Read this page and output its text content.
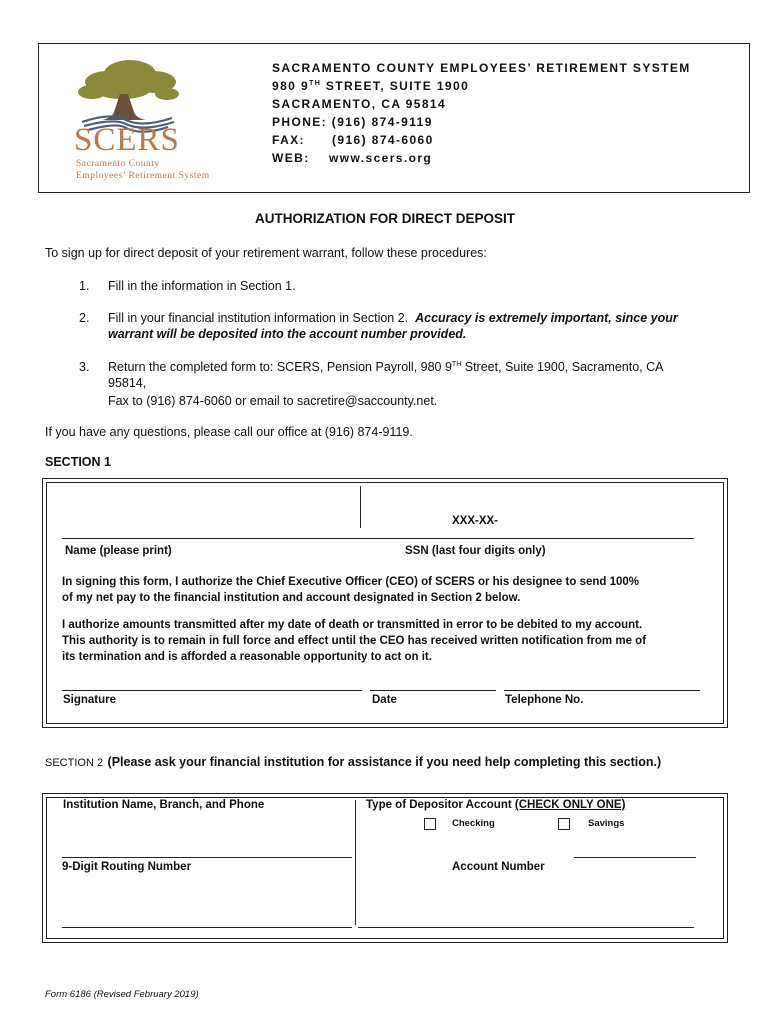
SCERS
Sacramento County
Employees’ Retirement System
SACRAMENTO COUNTY EMPLOYEES’ RETIREMENT SYSTEM
980 9TH STREET, SUITE 1900
SACRAMENTO, CA 95814
PHONE: (916) 874-9119
FAX: (916) 874-6060
WEB: www.scers.org
AUTHORIZATION FOR DIRECT DEPOSIT
To sign up for direct deposit of your retirement warrant, follow these procedures:
1. Fill in the information in Section 1.
2. Fill in your financial institution information in Section 2. Accuracy is extremely important, since your
warrant will be deposited into the account number provided.
3. Return the completed form to: SCERS, Pension Payroll, 980 9TH Street, Suite 1900, Sacramento, CA
95814,
Fax to (916) 874-6060 or email to sacretire@saccounty.net.
If you have any questions, please call our office at (916) 874-9119.
SECTION 1
XXX-XX-
Name (please print)	SSN (last four digits only)
In signing this form, I authorize the Chief Executive Officer (CEO) of SCERS or his designee to send 100%
of my net pay to the financial institution and account designated in Section 2 below.
I authorize amounts transmitted after my date of death or transmitted in error to be debited to my account.
This authority is to remain in full force and effect until the CEO has received written notification from me of
its termination and is afforded a reasonable opportunity to act on it.
Signature	Date	Telephone No.
SECTION 2 (Please ask your financial institution for assistance if you need help completing this section.)
Institution Name, Branch, and Phone	Type of Depositor Account (CHECK ONLY ONE)
Checking	Savings
9-Digit Routing Number	Account Number
Form 6186 (Revised February 2019)
